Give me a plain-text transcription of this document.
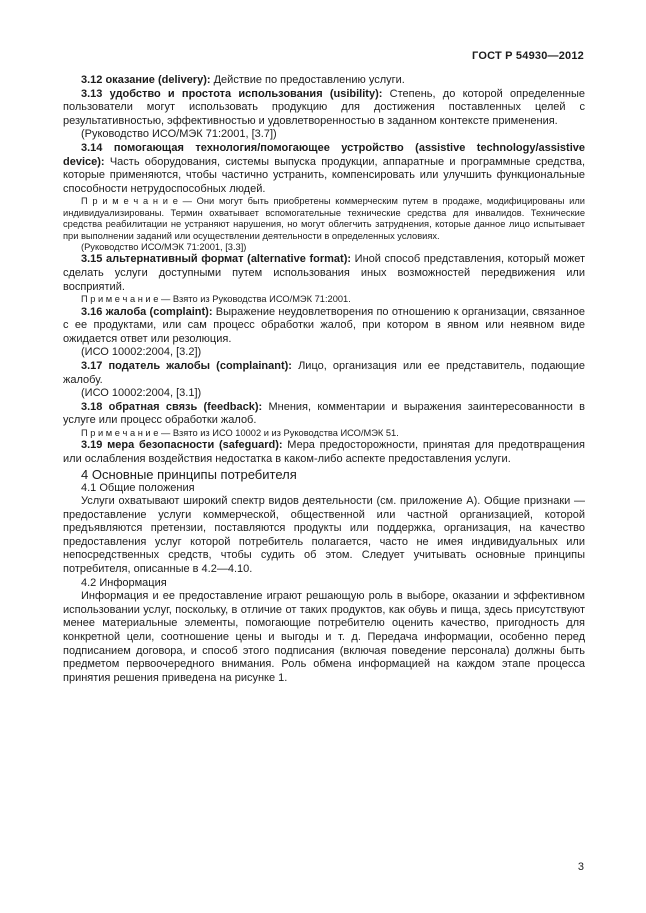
ГОСТ Р 54930—2012

3.12 оказание (delivery): Действие по предоставлению услуги.

3.13 удобство и простота использования (usibility): Степень, до которой определенные пользователи могут использовать продукцию для достижения поставленных целей с результативностью, эффективностью и удовлетворенностью в заданном контексте применения.

(Руководство ИСО/МЭК 71:2001, [3.7])

3.14 помогающая технология/помогающее устройство (assistive technology/assistive device): Часть оборудования, системы выпуска продукции, аппаратные и программные средства, которые применяются, чтобы частично устранить, компенсировать или улучшить функциональные способности нетрудоспособных людей.

П р и м е ч а н и е — Они могут быть приобретены коммерческим путем в продаже, модифицированы или индивидуализированы. Термин охватывает вспомогательные технические средства для инвалидов. Технические средства реабилитации не устраняют нарушения, но могут облегчить затруднения, которые данное лицо испытывает при выполнении заданий или осуществлении деятельности в определенных условиях.

(Руководство ИСО/МЭК 71:2001, [3.3])

3.15 альтернативный формат (alternative format): Иной способ представления, который может сделать услуги доступными путем использования иных возможностей передвижения или восприятий.

П р и м е ч а н и е — Взято из Руководства ИСО/МЭК 71:2001.

3.16 жалоба (complaint): Выражение неудовлетворения по отношению к организации, связанное с ее продуктами, или сам процесс обработки жалоб, при котором в явном или неявном виде ожидается ответ или резолюция.

(ИСО 10002:2004, [3.2])

3.17 податель жалобы (complainant): Лицо, организация или ее представитель, подающие жалобу.

(ИСО 10002:2004, [3.1])

3.18 обратная связь (feedback): Мнения, комментарии и выражения заинтересованности в услуге или процесс обработки жалоб.

П р и м е ч а н и е — Взято из ИСО 10002 и из Руководства ИСО/МЭК 51.

3.19 мера безопасности (safeguard): Мера предосторожности, принятая для предотвращения или ослабления воздействия недостатка в каком-либо аспекте предоставления услуги.

4 Основные принципы потребителя
4.1 Общие положения

Услуги охватывают широкий спектр видов деятельности (см. приложение А). Общие признаки — предоставление услуги коммерческой, общественной или частной организацией, которой предъявляются претензии, поставляются продукты или поддержка, организация, на качество предоставления услуг которой потребитель полагается, часто не имея индивидуальных или непосредственных средств, чтобы судить об этом. Следует учитывать основные принципы потребителя, описанные в 4.2—4.10.

4.2 Информация

Информация и ее предоставление играют решающую роль в выборе, оказании и эффективном использовании услуг, поскольку, в отличие от таких продуктов, как обувь и пища, здесь присутствуют менее материальные элементы, помогающие потребителю оценить качество, пригодность для конкретной цели, соотношение цены и выгоды и т. д. Передача информации, особенно перед подписанием договора, и способ этого подписания (включая поведение персонала) должны быть предметом первоочередного внимания. Роль обмена информацией на каждом этапе процесса принятия решения приведена на рисунке 1.

3
